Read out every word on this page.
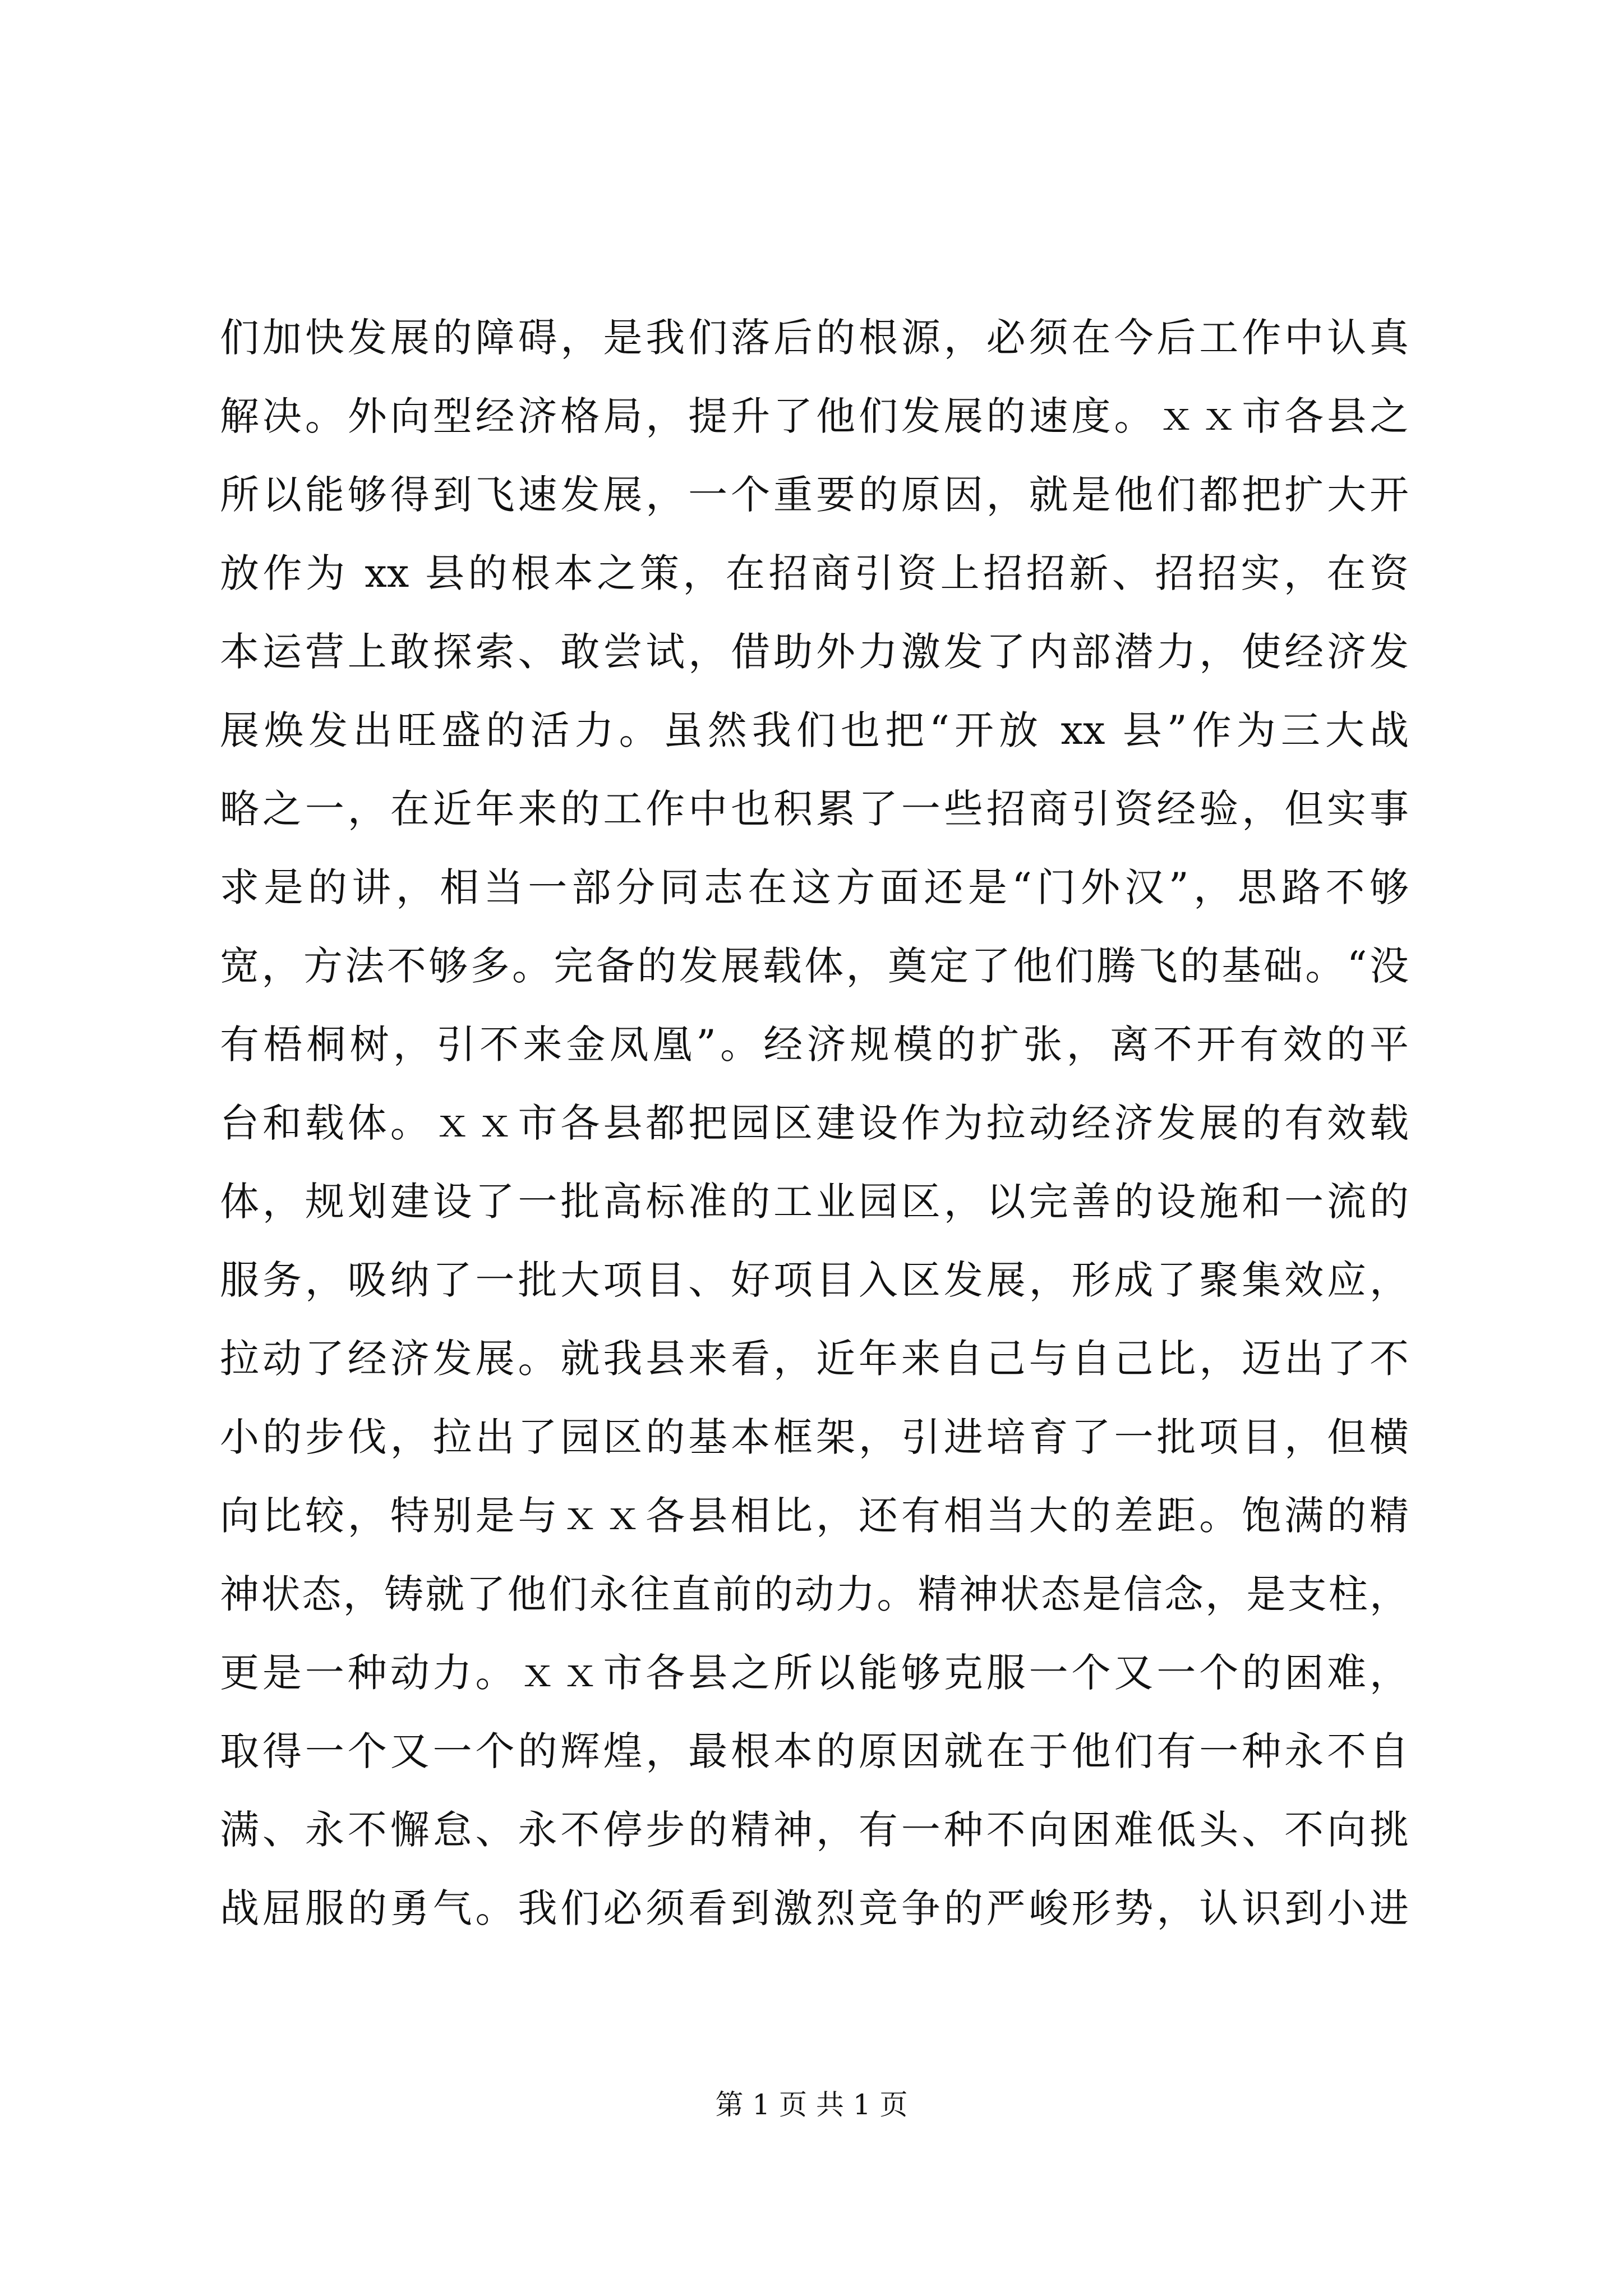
们加快发展的障碍，是我们落后的根源，必须在今后工作中认真
解决。外向型经济格局，提升了他们发展的速度。ｘｘ市各县之
所以能够得到飞速发展，一个重要的原因，就是他们都把扩大开
放作为 xx 县的根本之策，在招商引资上招招新、招招实，在资
本运营上敢探索、敢尝试，借助外力激发了内部潜力，使经济发
展焕发出旺盛的活力。虽然我们也把“开放 xx 县”作为三大战
略之一，在近年来的工作中也积累了一些招商引资经验，但实事
求是的讲，相当一部分同志在这方面还是“门外汉”，思路不够
宽，方法不够多。完备的发展载体，奠定了他们腾飞的基础。“没
有梧桐树，引不来金凤凰”。经济规模的扩张，离不开有效的平
台和载体。ｘｘ市各县都把园区建设作为拉动经济发展的有效载
体，规划建设了一批高标准的工业园区，以完善的设施和一流的
服务，吸纳了一批大项目、好项目入区发展，形成了聚集效应，
拉动了经济发展。就我县来看，近年来自己与自己比，迈出了不
小的步伐，拉出了园区的基本框架，引进培育了一批项目，但横
向比较，特别是与ｘｘ各县相比，还有相当大的差距。饱满的精
神状态，铸就了他们永往直前的动力。精神状态是信念，是支柱，
更是一种动力。ｘｘ市各县之所以能够克服一个又一个的困难，
取得一个又一个的辉煌，最根本的原因就在于他们有一种永不自
满、永不懈怠、永不停步的精神，有一种不向困难低头、不向挑
战屈服的勇气。我们必须看到激烈竞争的严峻形势，认识到小进
第 1 页 共 1 页
